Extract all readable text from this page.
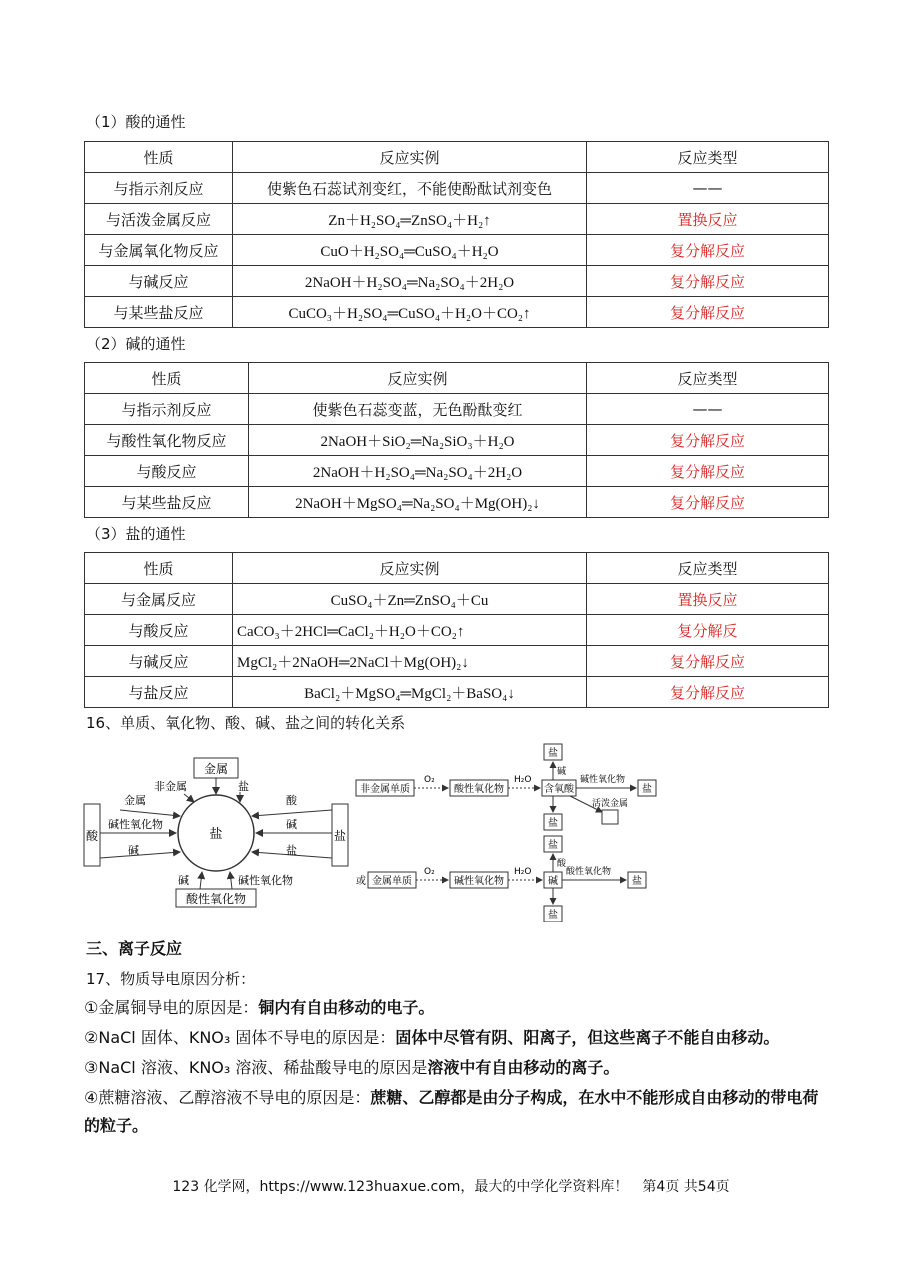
（1）酸的通性
性质	反应实例	反应类型
与指示剂反应	使紫色石蕊试剂变红，不能使酚酞试剂变色	——
与活泼金属反应	Zn＋H₂SO₄═ZnSO₄＋H₂↑	置换反应
与金属氧化物反应	CuO＋H₂SO₄═CuSO₄＋H₂O	复分解反应
与碱反应	2NaOH＋H₂SO₄═Na₂SO₄＋2H₂O	复分解反应
与某些盐反应	CuCO₃＋H₂SO₄═CuSO₄＋H₂O＋CO₂↑	复分解反应
（2）碱的通性
性质	反应实例	反应类型
与指示剂反应	使紫色石蕊变蓝，无色酚酞变红	——
与酸性氧化物反应	2NaOH＋SiO₂═Na₂SiO₃＋H₂O	复分解反应
与酸反应	2NaOH＋H₂SO₄═Na₂SO₄＋2H₂O	复分解反应
与某些盐反应	2NaOH＋MgSO₄═Na₂SO₄＋Mg(OH)₂↓	复分解反应
（3）盐的通性
性质	反应实例	反应类型
与金属反应	CuSO₄＋Zn═ZnSO₄＋Cu	置换反应
与酸反应	CaCO₃＋2HCl═CaCl₂＋H₂O＋CO₂↑	复分解反
与碱反应	MgCl₂＋2NaOH═2NaCl＋Mg(OH)₂↓	复分解反应
与盐反应	BaCl₂＋MgSO₄═MgCl₂＋BaSO₄↓	复分解反应
16、单质、氧化物、酸、碱、盐之间的转化关系
金属
酸性氧化物
酸	盐
盐
非金属	盐
金属	酸
碱性氧化物	碱
碱	盐
碱	碱性氧化物
盐
非金属单质
O₂
酸性氧化物
H₂O
含氧酸
碱
碱性氧化物
盐
盐
活泼金属
盐
或 金属单质
O₂
碱性氧化物
H₂O
碱
酸
酸性氧化物
盐
盐
三、离子反应
17、物质导电原因分析：
①金属铜导电的原因是：铜内有自由移动的电子。
②NaCl 固体、KNO₃ 固体不导电的原因是：固体中尽管有阴、阳离子，但这些离子不能自由移动。
③NaCl 溶液、KNO₃ 溶液、稀盐酸导电的原因是溶液中有自由移动的离子。
④蔗糖溶液、乙醇溶液不导电的原因是：蔗糖、乙醇都是由分子构成，在水中不能形成自由移动的带电荷的粒子。
123 化学网，https://www.123huaxue.com，最大的中学化学资料库！　第4页 共54页
